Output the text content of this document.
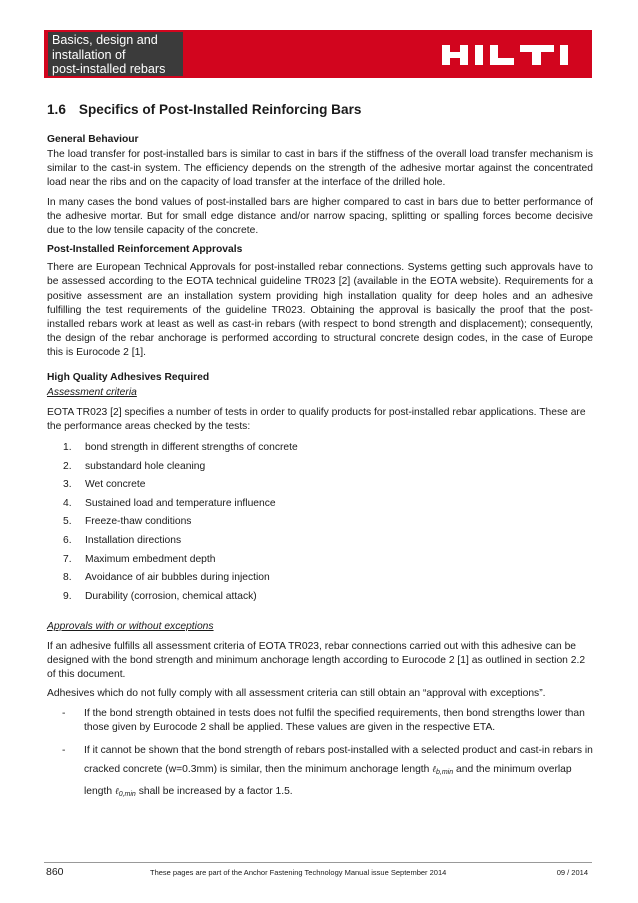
Basics, design and
installation of
post-installed rebars
HILTI
1.6 Specifics of Post-Installed Reinforcing Bars
General Behaviour

The load transfer for post-installed bars is similar to cast in bars if the stiffness of the overall load transfer mechanism is similar to the cast-in system. The efficiency depends on the strength of the adhesive mortar against the concentrated load near the ribs and on the capacity of load transfer at the interface of the drilled hole.

In many cases the bond values of post-installed bars are higher compared to cast in bars due to better performance of the adhesive mortar. But for small edge distance and/or narrow spacing, splitting or spalling forces become decisive due to the low tensile capacity of the concrete.

Post-Installed Reinforcement Approvals

There are European Technical Approvals for post-installed rebar connections. Systems getting such approvals have to be assessed according to the EOTA technical guideline TR023 [2] (available in the EOTA website). Requirements for a positive assessment are an installation system providing high installation quality for deep holes and an adhesive fulfilling the test requirements of the guideline TR023. Obtaining the approval is basically the proof that the post-installed rebars work at least as well as cast-in rebars (with respect to bond strength and displacement); consequently, the design of the rebar anchorage is performed according to structural concrete design codes, in the case of Europe this is Eurocode 2 [1].

High Quality Adhesives Required
Assessment criteria

EOTA TR023 [2] specifies a number of tests in order to qualify products for post-installed rebar applications. These are the performance areas checked by the tests:

1.	bond strength in different strengths of concrete
2.	substandard hole cleaning
3.	Wet concrete
4.	Sustained load and temperature influence
5.	Freeze-thaw conditions
6.	Installation directions
7.	Maximum embedment depth
8.	Avoidance of air bubbles during injection
9.	Durability (corrosion, chemical attack)
Approvals with or without exceptions

If an adhesive fulfills all assessment criteria of EOTA TR023, rebar connections carried out with this adhesive can be designed with the bond strength and minimum anchorage length according to Eurocode 2 [1] as outlined in section 2.2 of this document.

Adhesives which do not fully comply with all assessment criteria can still obtain an “approval with exceptions”.

-	If the bond strength obtained in tests does not fulfil the specified requirements, then bond strengths lower than those given by Eurocode 2 shall be applied. These values are given in the respective ETA.
-	If it cannot be shown that the bond strength of rebars post-installed with a selected product and cast-in rebars in cracked concrete (w=0.3mm) is similar, then the minimum anchorage length ℓb,min and the minimum overlap length ℓ0,min shall be increased by a factor 1.5.
860	These pages are part of the Anchor Fastening Technology Manual issue September 2014	09 / 2014
